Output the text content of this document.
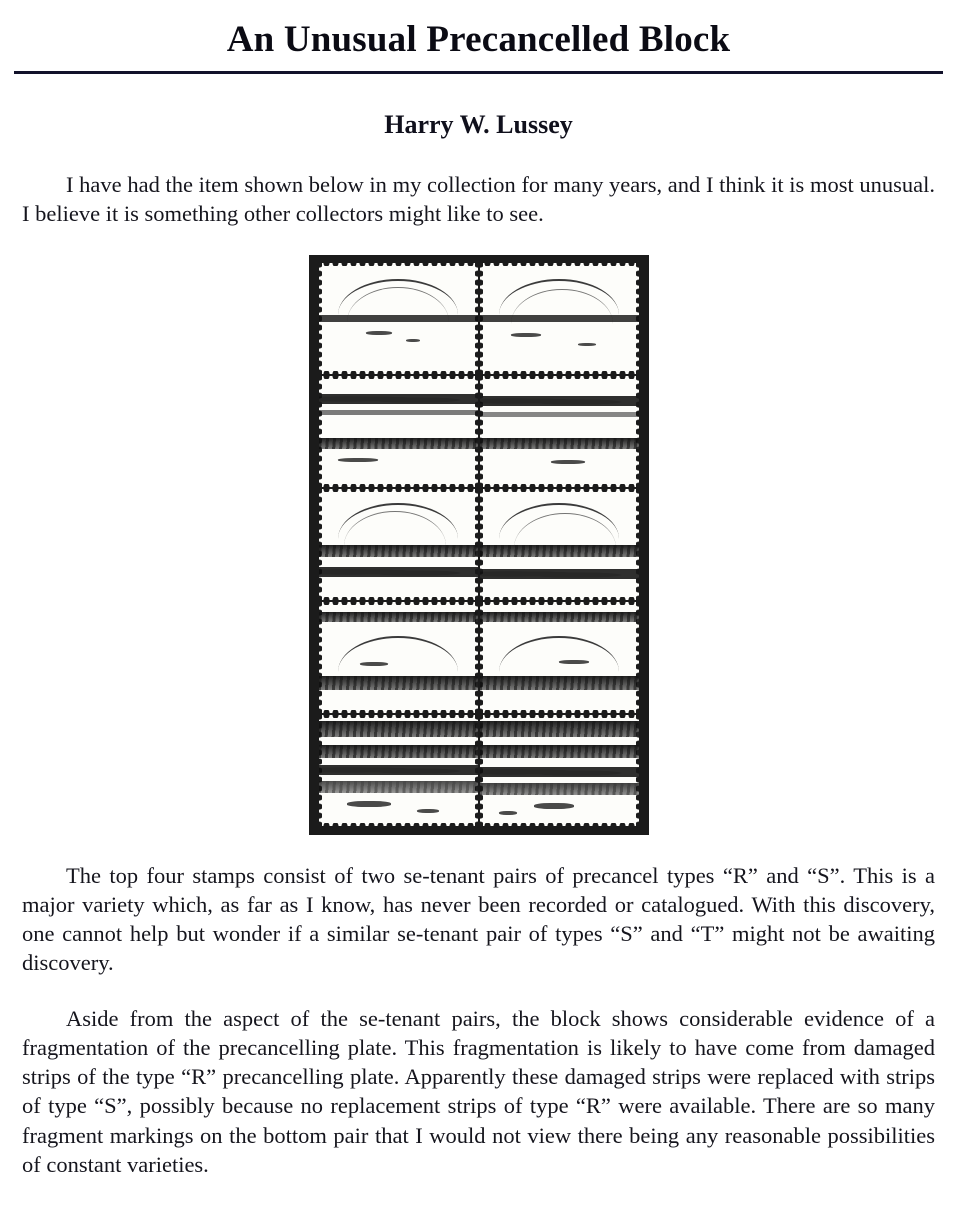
An Unusual Precancelled Block
Harry W. Lussey

I have had the item shown below in my collection for many years, and I think it is most unusual. I believe it is something other collectors might like to see.

The top four stamps consist of two se-tenant pairs of precancel types “R” and “S”. This is a major variety which, as far as I know, has never been recorded or catalogued. With this discovery, one cannot help but wonder if a similar se-tenant pair of types “S” and “T” might not be awaiting discovery.

Aside from the aspect of the se-tenant pairs, the block shows considerable evidence of a fragmentation of the precancelling plate. This fragmentation is likely to have come from damaged strips of the type “R” precancelling plate. Apparently these damaged strips were replaced with strips of type “S”, possibly because no replacement strips of type “R” were available. There are so many fragment markings on the bottom pair that I would not view there being any reasonable possibilities of constant varieties.
